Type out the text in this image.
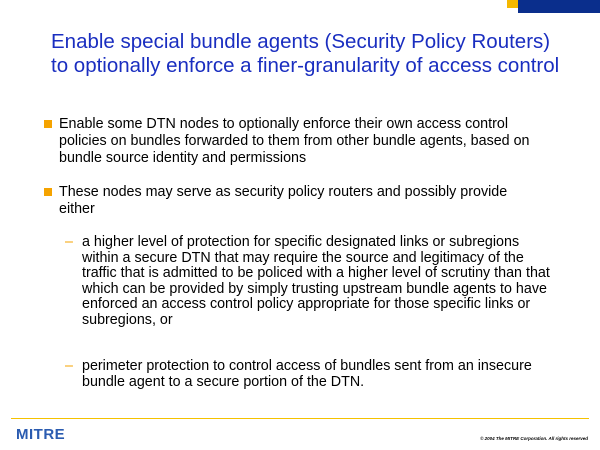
Enable special bundle agents (Security Policy Routers) to optionally enforce a finer-granularity of access control
Enable some DTN nodes to optionally enforce their own access control policies on bundles forwarded to them from other bundle agents, based on bundle source identity and permissions
These nodes may serve as security policy routers and possibly provide either
– a higher level of protection for specific designated links or subregions within a secure DTN that may require the source and legitimacy of the traffic that is admitted to be policed with a higher level of scrutiny than that which can be provided by simply trusting upstream bundle agents to have enforced an access control policy appropriate for those specific links or subregions, or
– perimeter protection to control access of bundles sent from an insecure bundle agent to a secure portion of the DTN.
MITRE	© 2004 The MITRE Corporation. All rights reserved
